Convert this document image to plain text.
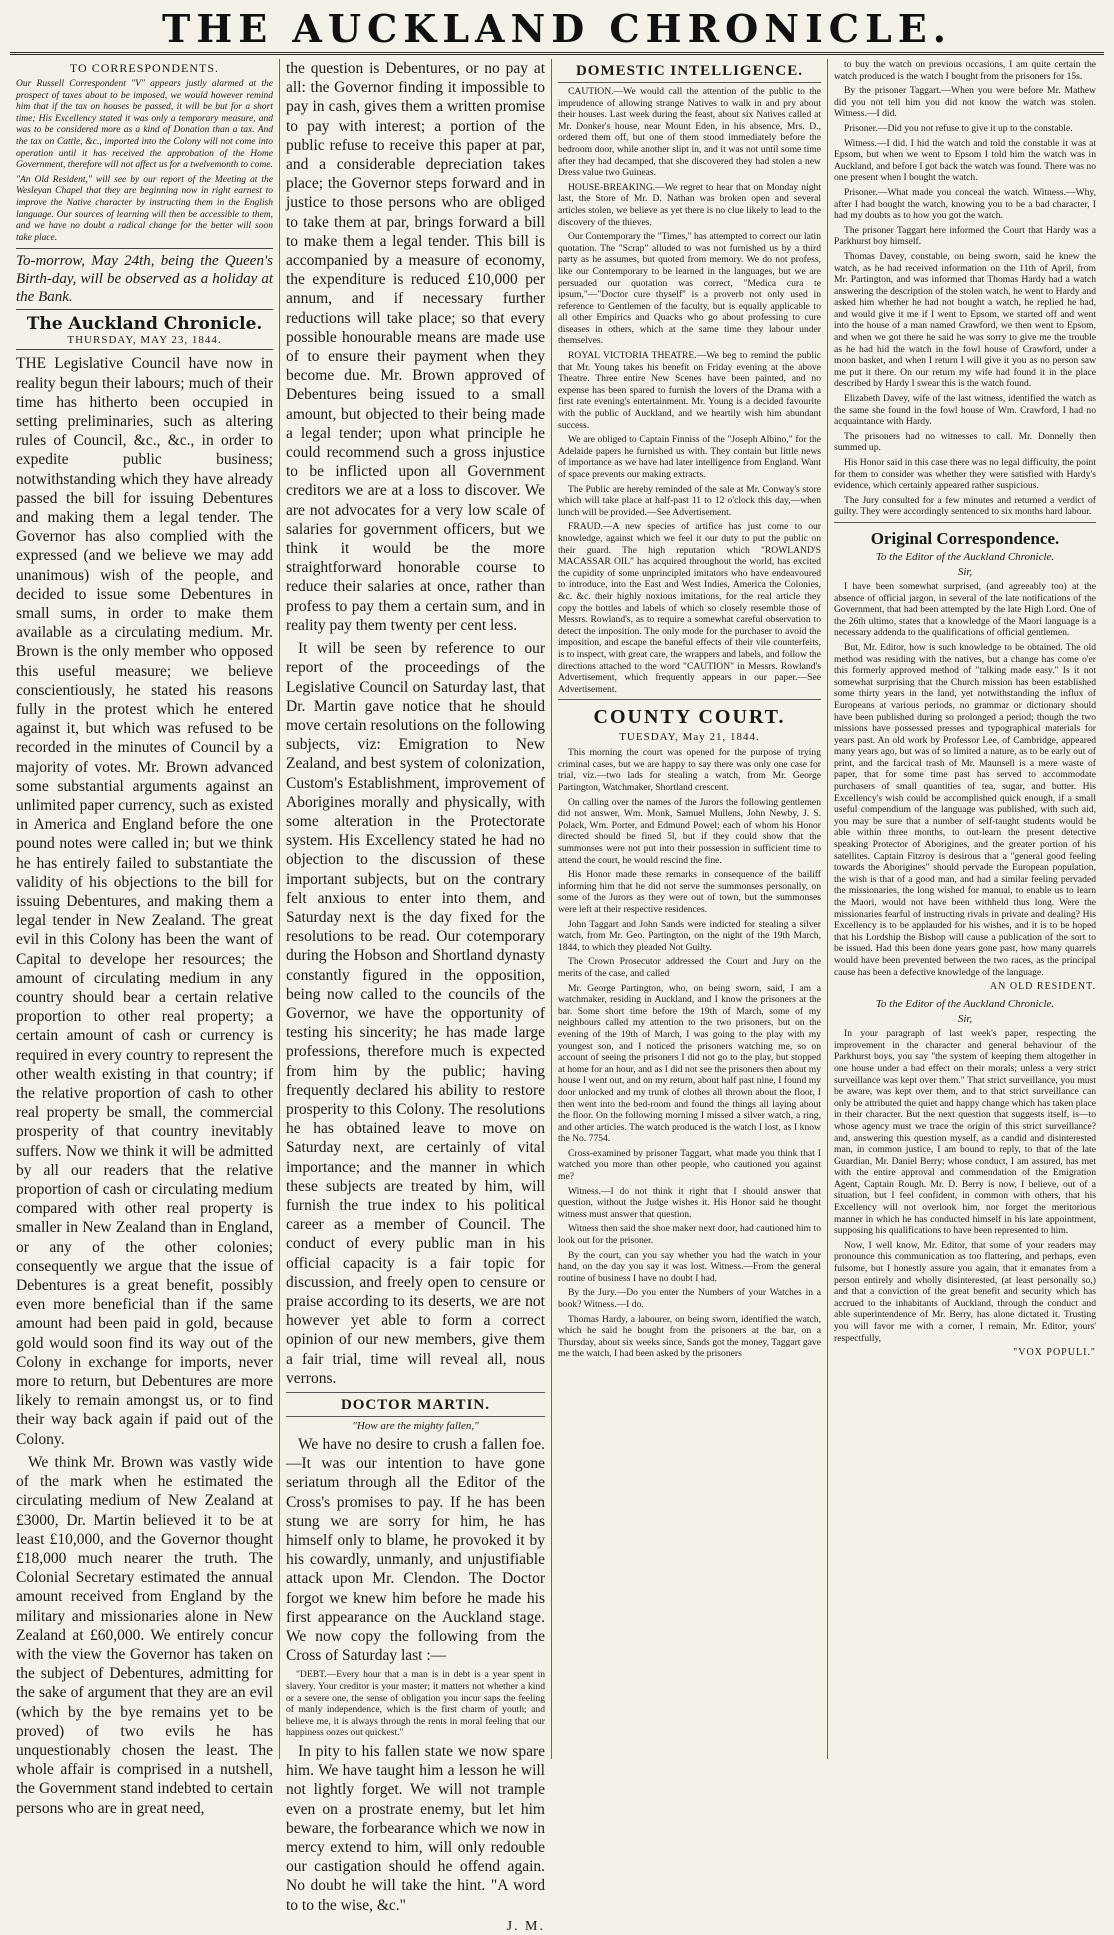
THE AUCKLAND CHRONICLE.
TO CORRESPONDENTS.

Our Russell Correspondent "V" appears justly alarmed at the prospect of taxes about to be imposed, we would however remind him that if the tax on houses be passed, it will be but for a short time; His Excellency stated it was only a temporary measure, and was to be considered more as a kind of Donation than a tax. And the tax on Cattle, &c., imported into the Colony will not come into operation until it has received the approbation of the Home Government, therefore will not affect us for a twelvemonth to come.

"An Old Resident," will see by our report of the Meeting at the Wesleyan Chapel that they are beginning now in right earnest to improve the Native character by instructing them in the English language. Our sources of learning will then be accessible to them, and we have no doubt a radical change for the better will soon take place.

To-morrow, May 24th, being the Queen's Birth-day, will be observed as a holiday at the Bank.

The Auckland Chronicle.
THURSDAY, MAY 23, 1844.

THE Legislative Council have now in reality begun their labours; much of their time has hitherto been occupied in setting preliminaries, such as altering rules of Council, &c., &c., in order to expedite public business; notwithstanding which they have already passed the bill for issuing Debentures and making them a legal tender. The Governor has also complied with the expressed (and we believe we may add unanimous) wish of the people, and decided to issue some Debentures in small sums, in order to make them available as a circulating medium. Mr. Brown is the only member who opposed this useful measure; we believe conscientiously, he stated his reasons fully in the protest which he entered against it, but which was refused to be recorded in the minutes of Council by a majority of votes. Mr. Brown advanced some substantial arguments against an unlimited paper currency, such as existed in America and England before the one pound notes were called in; but we think he has entirely failed to substantiate the validity of his objections to the bill for issuing Debentures, and making them a legal tender in New Zealand. The great evil in this Colony has been the want of Capital to develope her resources; the amount of circulating medium in any country should bear a certain relative proportion to other real property; a certain amount of cash or currency is required in every country to represent the other wealth existing in that country; if the relative proportion of cash to other real property be small, the commercial prosperity of that country inevitably suffers. Now we think it will be admitted by all our readers that the relative proportion of cash or circulating medium compared with other real property is smaller in New Zealand than in England, or any of the other colonies; consequently we argue that the issue of Debentures is a great benefit, possibly even more beneficial than if the same amount had been paid in gold, because gold would soon find its way out of the Colony in exchange for imports, never more to return, but Debentures are more likely to remain amongst us, or to find their way back again if paid out of the Colony.

We think Mr. Brown was vastly wide of the mark when he estimated the circulating medium of New Zealand at £3000, Dr. Martin believed it to be at least £10,000, and the Governor thought £18,000 much nearer the truth. The Colonial Secretary estimated the annual amount received from England by the military and missionaries alone in New Zealand at £60,000. We entirely concur with the view the Governor has taken on the subject of Debentures, admitting for the sake of argument that they are an evil (which by the bye remains yet to be proved) of two evils he has unquestionably chosen the least. The whole affair is comprised in a nutshell, the Government stand indebted to certain persons who are in great need,

the question is Debentures, or no pay at all: the Governor finding it impossible to pay in cash, gives them a written promise to pay with interest; a portion of the public refuse to receive this paper at par, and a considerable depreciation takes place; the Governor steps forward and in justice to those persons who are obliged to take them at par, brings forward a bill to make them a legal tender. This bill is accompanied by a measure of economy, the expenditure is reduced £10,000 per annum, and if necessary further reductions will take place; so that every possible honourable means are made use of to ensure their payment when they become due. Mr. Brown approved of Debentures being issued to a small amount, but objected to their being made a legal tender; upon what principle he could recommend such a gross injustice to be inflicted upon all Government creditors we are at a loss to discover. We are not advocates for a very low scale of salaries for government officers, but we think it would be the more straightforward honorable course to reduce their salaries at once, rather than profess to pay them a certain sum, and in reality pay them twenty per cent less.

It will be seen by reference to our report of the proceedings of the Legislative Council on Saturday last, that Dr. Martin gave notice that he should move certain resolutions on the following subjects, viz: Emigration to New Zealand, and best system of colonization, Custom's Establishment, improvement of Aborigines morally and physically, with some alteration in the Protectorate system. His Excellency stated he had no objection to the discussion of these important subjects, but on the contrary felt anxious to enter into them, and Saturday next is the day fixed for the resolutions to be read. Our cotemporary during the Hobson and Shortland dynasty constantly figured in the opposition, being now called to the councils of the Governor, we have the opportunity of testing his sincerity; he has made large professions, therefore much is expected from him by the public; having frequently declared his ability to restore prosperity to this Colony. The resolutions he has obtained leave to move on Saturday next, are certainly of vital importance; and the manner in which these subjects are treated by him, will furnish the true index to his political career as a member of Council. The conduct of every public man in his official capacity is a fair topic for discussion, and freely open to censure or praise according to its deserts, we are not however yet able to form a correct opinion of our new members, give them a fair trial, time will reveal all, nous verrons.

DOCTOR MARTIN.
"How are the mighty fallen,"

We have no desire to crush a fallen foe.—It was our intention to have gone seriatum through all the Editor of the Cross's promises to pay. If he has been stung we are sorry for him, he has himself only to blame, he provoked it by his cowardly, unmanly, and unjustifiable attack upon Mr. Clendon. The Doctor forgot we knew him before he made his first appearance on the Auckland stage. We now copy the following from the Cross of Saturday last :—

"DEBT.—Every hour that a man is in debt is a year spent in slavery. Your creditor is your master; it matters not whether a kind or a severe one, the sense of obligation you incur saps the feeling of manly independence, which is the first charm of youth; and believe me, it is always through the rents in moral feeling that our happiness oozes out quickest."

In pity to his fallen state we now spare him. We have taught him a lesson he will not lightly forget. We will not trample even on a prostrate enemy, but let him beware, the forbearance which we now in mercy extend to him, will only redouble our castigation should he offend again. No doubt he will take the hint. "A word to to the wise, &c."

J. M.
DOMESTIC INTELLIGENCE.

CAUTION.—We would call the attention of the public to the imprudence of allowing strange Natives to walk in and pry about their houses. Last week during the feast, about six Natives called at Mr. Donker's house, near Mount Eden, in his absence, Mrs. D., ordered them off, but one of them stood immediately before the bedroom door, while another slipt in, and it was not until some time after they had decamped, that she discovered they had stolen a new Dress value two Guineas.

HOUSE-BREAKING.—We regret to hear that on Monday night last, the Store of Mr. D. Nathan was broken open and several articles stolen, we believe as yet there is no clue likely to lead to the discovery of the thieves.

Our Contemporary the "Times," has attempted to correct our latin quotation. The "Scrap" alluded to was not furnished us by a third party as he assumes, but quoted from memory. We do not profess, like our Contemporary to be learned in the languages, but we are persuaded our quotation was correct, "Medica cura te ipsum,"—"Doctor cure thyself" is a proverb not only used in reference to Gentlemen of the faculty, but is equally applicable to all other Empirics and Quacks who go about professing to cure diseases in others, which at the same time they labour under themselves.

ROYAL VICTORIA THEATRE.—We beg to remind the public that Mr. Young takes his benefit on Friday evening at the above Theatre. Three entire New Scenes have been painted, and no expense has been spared to furnish the lovers of the Drama with a first rate evening's entertainment. Mr. Young is a decided favourite with the public of Auckland, and we heartily wish him abundant success.

We are obliged to Captain Finniss of the "Joseph Albino," for the Adelaide papers he furnished us with. They contain but little news of importance as we have had later intelligence from England. Want of space prevents our making extracts.

The Public are hereby reminded of the sale at Mr. Conway's store which will take place at half-past 11 to 12 o'clock this day,—when lunch will be provided.—See Advertisement.

FRAUD.—A new species of artifice has just come to our knowledge, against which we feel it our duty to put the public on their guard. The high reputation which "ROWLAND'S MACASSAR OIL" has acquired throughout the world, has excited the cupidity of some unprincipled imitators who have endeavoured to introduce, into the East and West Indies, America the Colonies, &c. &c. their highly noxious imitations, for the real article they copy the bottles and labels of which so closely resemble those of Messrs. Rowland's, as to require a somewhat careful observation to detect the imposition. The only mode for the purchaser to avoid the imposition, and escape the baneful effects of their vile counterfeits, is to inspect, with great care, the wrappers and labels, and follow the directions attached to the word "CAUTION" in Messrs. Rowland's Advertisement, which frequently appears in our paper.—See Advertisement.

COUNTY COURT.
TUESDAY, May 21, 1844.

This morning the court was opened for the purpose of trying criminal cases, but we are happy to say there was only one case for trial, viz.—two lads for stealing a watch, from Mr. George Partington, Watchmaker, Shortland crescent.

On calling over the names of the Jurors the following gentlemen did not answer, Wm. Monk, Samuel Mullens, John Newby, J. S. Polack, Wm. Porter, and Edmund Powel; each of whom his Honor directed should be fined 5l, but if they could show that the summonses were not put into their possession in sufficient time to attend the court, he would rescind the fine.

His Honor made these remarks in consequence of the bailiff informing him that he did not serve the summonses personally, on some of the Jurors as they were out of town, but the summonses were left at their respective residences.

John Taggart and John Sands were indicted for stealing a silver watch, from Mr. Geo. Partington, on the night of the 19th March, 1844, to which they pleaded Not Guilty.

The Crown Prosecutor addressed the Court and Jury on the merits of the case, and called

Mr. George Partington, who, on being sworn, said, I am a watchmaker, residing in Auckland, and I know the prisoners at the bar. Some short time before the 19th of March, some of my neighbours called my attention to the two prisoners, but on the evening of the 19th of March, I was going to the play with my youngest son, and I noticed the prisoners watching me, so on account of seeing the prisoners I did not go to the play, but stopped at home for an hour, and as I did not see the prisoners then about my house I went out, and on my return, about half past nine, I found my door unlocked and my trunk of clothes all thrown about the floor, I then went into the bed-room and found the things all laying about the floor. On the following morning I missed a silver watch, a ring, and other articles. The watch produced is the watch I lost, as I know the No. 7754.

Cross-examined by prisoner Taggart, what made you think that I watched you more than other people, who cautioned you against me?

Witness.—I do not think it right that I should answer that question, without the Judge wishes it. His Honor said he thought witness must answer that question.

Witness then said the shoe maker next door, had cautioned him to look out for the prisoner.

By the court, can you say whether you had the watch in your hand, on the day you say it was lost. Witness.—From the general routine of business I have no doubt I had.

By the Jury.—Do you enter the Numbers of your Watches in a book? Witness.—I do.

Thomas Hardy, a labourer, on being sworn, identified the watch, which he said he bought from the prisoners at the bar, on a Thursday, about six weeks since, Sands got the money, Taggart gave me the watch, I had been asked by the prisoners

to buy the watch on previous occasions, I am quite certain the watch produced is the watch I bought from the prisoners for 15s.

By the prisoner Taggart.—When you were before Mr. Mathew did you not tell him you did not know the watch was stolen. Witness.—I did.

Prisoner.—Did you not refuse to give it up to the constable.

Witness.—I did. I hid the watch and told the constable it was at Epsom, but when we went to Epsom I told him the watch was in Auckland, and before I got back the watch was found. There was no one present when I bought the watch.

Prisoner.—What made you conceal the watch. Witness.—Why, after I had bought the watch, knowing you to be a bad character, I had my doubts as to how you got the watch.

The prisoner Taggart here informed the Court that Hardy was a Parkhurst boy himself.

Thomas Davey, constable, on being sworn, said he knew the watch, as he had received information on the 11th of April, from Mr. Partington, and was informed that Thomas Hardy had a watch answering the description of the stolen watch, he went to Hardy and asked him whether he had not bought a watch, he replied he had, and would give it me if I went to Epsom, we started off and went into the house of a man named Crawford, we then went to Epsom, and when we got there he said he was sorry to give me the trouble as he had hid the watch in the fowl house of Crawford, under a moon basket, and when I return I will give it you as no person saw me put it there. On our return my wife had found it in the place described by Hardy I swear this is the watch found.

Elizabeth Davey, wife of the last witness, identified the watch as the same she found in the fowl house of Wm. Crawford, I had no acquaintance with Hardy.

The prisoners had no witnesses to call. Mr. Donnelly then summed up.

His Honor said in this case there was no legal difficulty, the point for them to consider was whether they were satisfied with Hardy's evidence, which certainly appeared rather suspicious.

The Jury consulted for a few minutes and returned a verdict of guilty. They were accordingly sentenced to six months hard labour.

Original Correspondence.
To the Editor of the Auckland Chronicle.
Sir,

I have been somewhat surprised, (and agreeably too) at the absence of official jargon, in several of the late notifications of the Government, that had been attempted by the late High Lord. One of the 26th ultimo, states that a knowledge of the Maori language is a necessary addenda to the qualifications of official gentlemen.

But, Mr. Editor, how is such knowledge to be obtained. The old method was residing with the natives, but a change has come o'er this formerly approved method of "talking made easy." Is it not somewhat surprising that the Church mission has been established some thirty years in the land, yet notwithstanding the influx of Europeans at various periods, no grammar or dictionary should have been published during so prolonged a period; though the two missions have possessed presses and typographical materials for years past. An old work by Professor Lee, of Cambridge, appeared many years ago, but was of so limited a nature, as to be early out of print, and the farcical trash of Mr. Maunsell is a mere waste of paper, that for some time past has served to accommodate purchasers of small quantities of tea, sugar, and butter. His Excellency's wish could be accomplished quick enough, if a small useful compendium of the language was published, with such aid, you may be sure that a number of self-taught students would be able within three months, to out-learn the present detective speaking Protector of Aborigines, and the greater portion of his satellites. Captain Fitzroy is desirous that a "general good feeling towards the Aborigines" should pervade the European population, the wish is that of a good man, and had a similar feeling pervaded the missionaries, the long wished for manual, to enable us to learn the Maori, would not have been withheld thus long. Were the missionaries fearful of instructing rivals in private and dealing? His Excellency is to be applauded for his wishes, and it is to be hoped that his Lordship the Bishop will cause a publication of the sort to be issued. Had this been done years gone past, how many quarrels would have been prevented between the two races, as the principal cause has been a defective knowledge of the language.

AN OLD RESIDENT.
To the Editor of the Auckland Chronicle.
Sir,

In your paragraph of last week's paper, respecting the improvement in the character and general behaviour of the Parkhurst boys, you say "the system of keeping them altogether in one house under a bad effect on their morals; unless a very strict surveillance was kept over them." That strict surveillance, you must be aware, was kept over them, and to that strict surveillance can only be attributed the quiet and happy change which has taken place in their character. But the next question that suggests itself, is—to whose agency must we trace the origin of this strict surveillance? and, answering this question myself, as a candid and disinterested man, in common justice, I am bound to reply, to that of the late Guardian, Mr. Daniel Berry; whose conduct, I am assured, has met with the entire approval and commendation of the Emigration Agent, Captain Rough. Mr. D. Berry is now, I believe, out of a situation, but I feel confident, in common with others, that his Excellency will not overlook him, nor forget the meritorious manner in which he has conducted himself in his late appointment, supposing his qualifications to have been represented to him.

Now, I well know, Mr. Editor, that some of your readers may pronounce this communication as too flattering, and perhaps, even fulsome, but I honestly assure you again, that it emanates from a person entirely and wholly disinterested, (at least personally so,) and that a conviction of the great benefit and security which has accrued to the inhabitants of Auckland, through the conduct and able superintendence of Mr. Berry, has alone dictated it. Trusting you will favor me with a corner, I remain, Mr. Editor, yours' respectfully,

"VOX POPULI."
